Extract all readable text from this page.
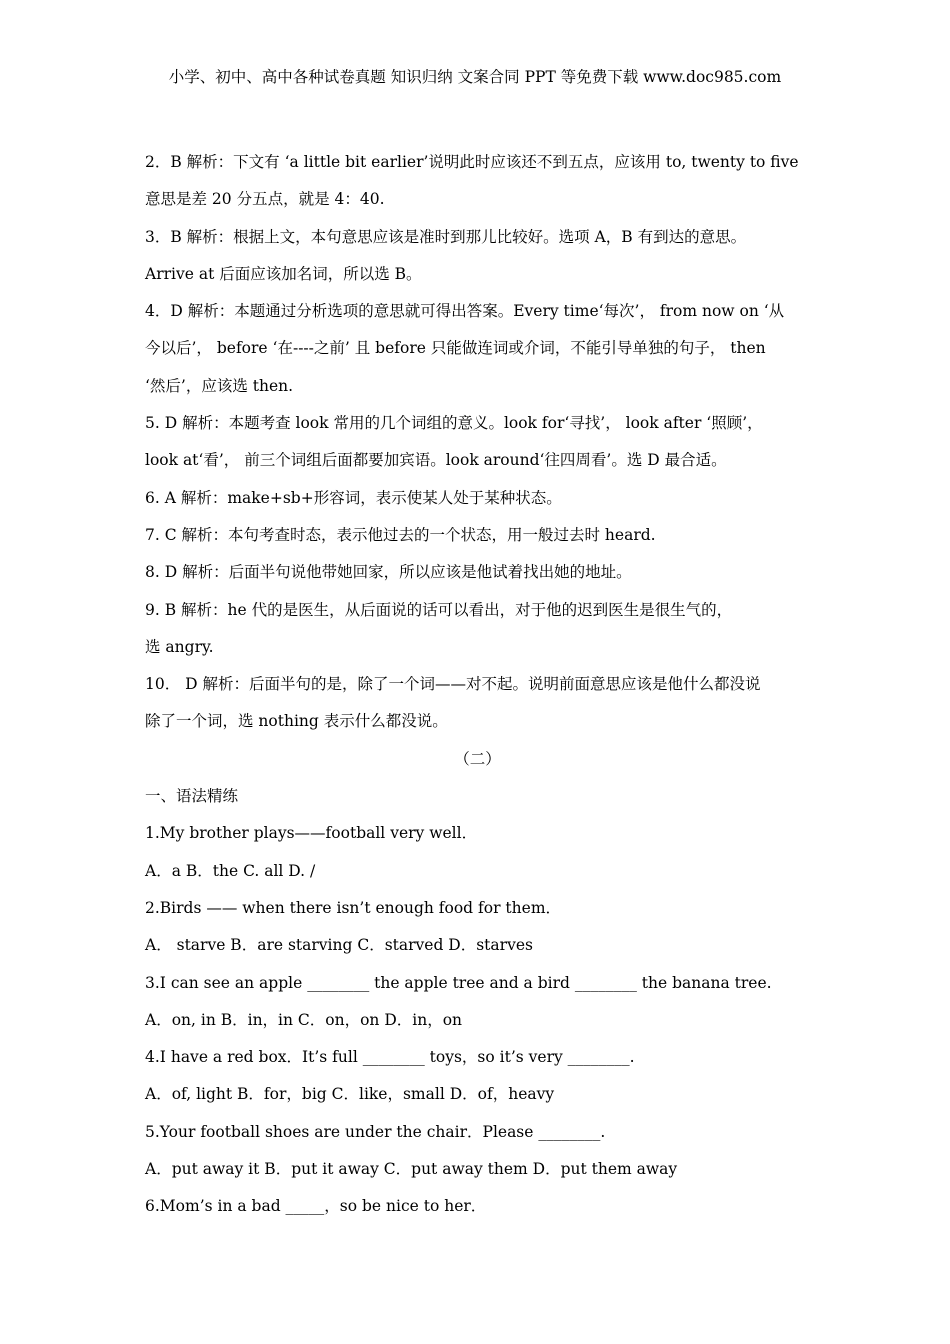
小学、初中、高中各种试卷真题 知识归纳 文案合同 PPT 等免费下载 www.doc985.com
2．B 解析：下文有 ‘a little bit earlier’说明此时应该还不到五点，应该用 to, twenty to five
意思是差 20 分五点，就是 4：40.
3．B 解析：根据上文，本句意思应该是准时到那儿比较好。选项 A，B 有到达的意思。
Arrive at 后面应该加名词，所以选 B。
4．D 解析：本题通过分析选项的意思就可得出答案。Every time‘每次’， from now on ‘从
今以后’， before ‘在----之前’ 且 before 只能做连词或介词，不能引导单独的句子， then
‘然后’，应该选 then.
5. D 解析：本题考查 look 常用的几个词组的意义。look for‘寻找’， look after ‘照顾’，
look at‘看’， 前三个词组后面都要加宾语。look around‘往四周看’。选 D 最合适。
6. A 解析：make+sb+形容词，表示使某人处于某种状态。
7. C 解析：本句考查时态，表示他过去的一个状态，用一般过去时 heard.
8. D 解析：后面半句说他带她回家，所以应该是他试着找出她的地址。
9. B 解析：he 代的是医生，从后面说的话可以看出，对于他的迟到医生是很生气的，
选 angry.
10． D 解析：后面半句的是，除了一个词——对不起。说明前面意思应该是他什么都没说
除了一个词，选 nothing 表示什么都没说。
（二）
一、语法精练
1.My brother plays——football very well．
A．a B．the C. all D. /
2.Birds —— when there isn’t enough food for them．
A． starve B．are starving C．starved D．starves
3.I can see an apple ________ the apple tree and a bird ________ the banana tree.
A．on, in B．in，in C．on，on D．in，on
4.I have a red box．It’s full ________ toys，so it’s very ________.
A．of, light B．for，big C．like，small D．of，heavy
5.Your football shoes are under the chair．Please ________.
A．put away it B．put it away C．put away them D．put them away
6.Mom’s in a bad _____，so be nice to her．
